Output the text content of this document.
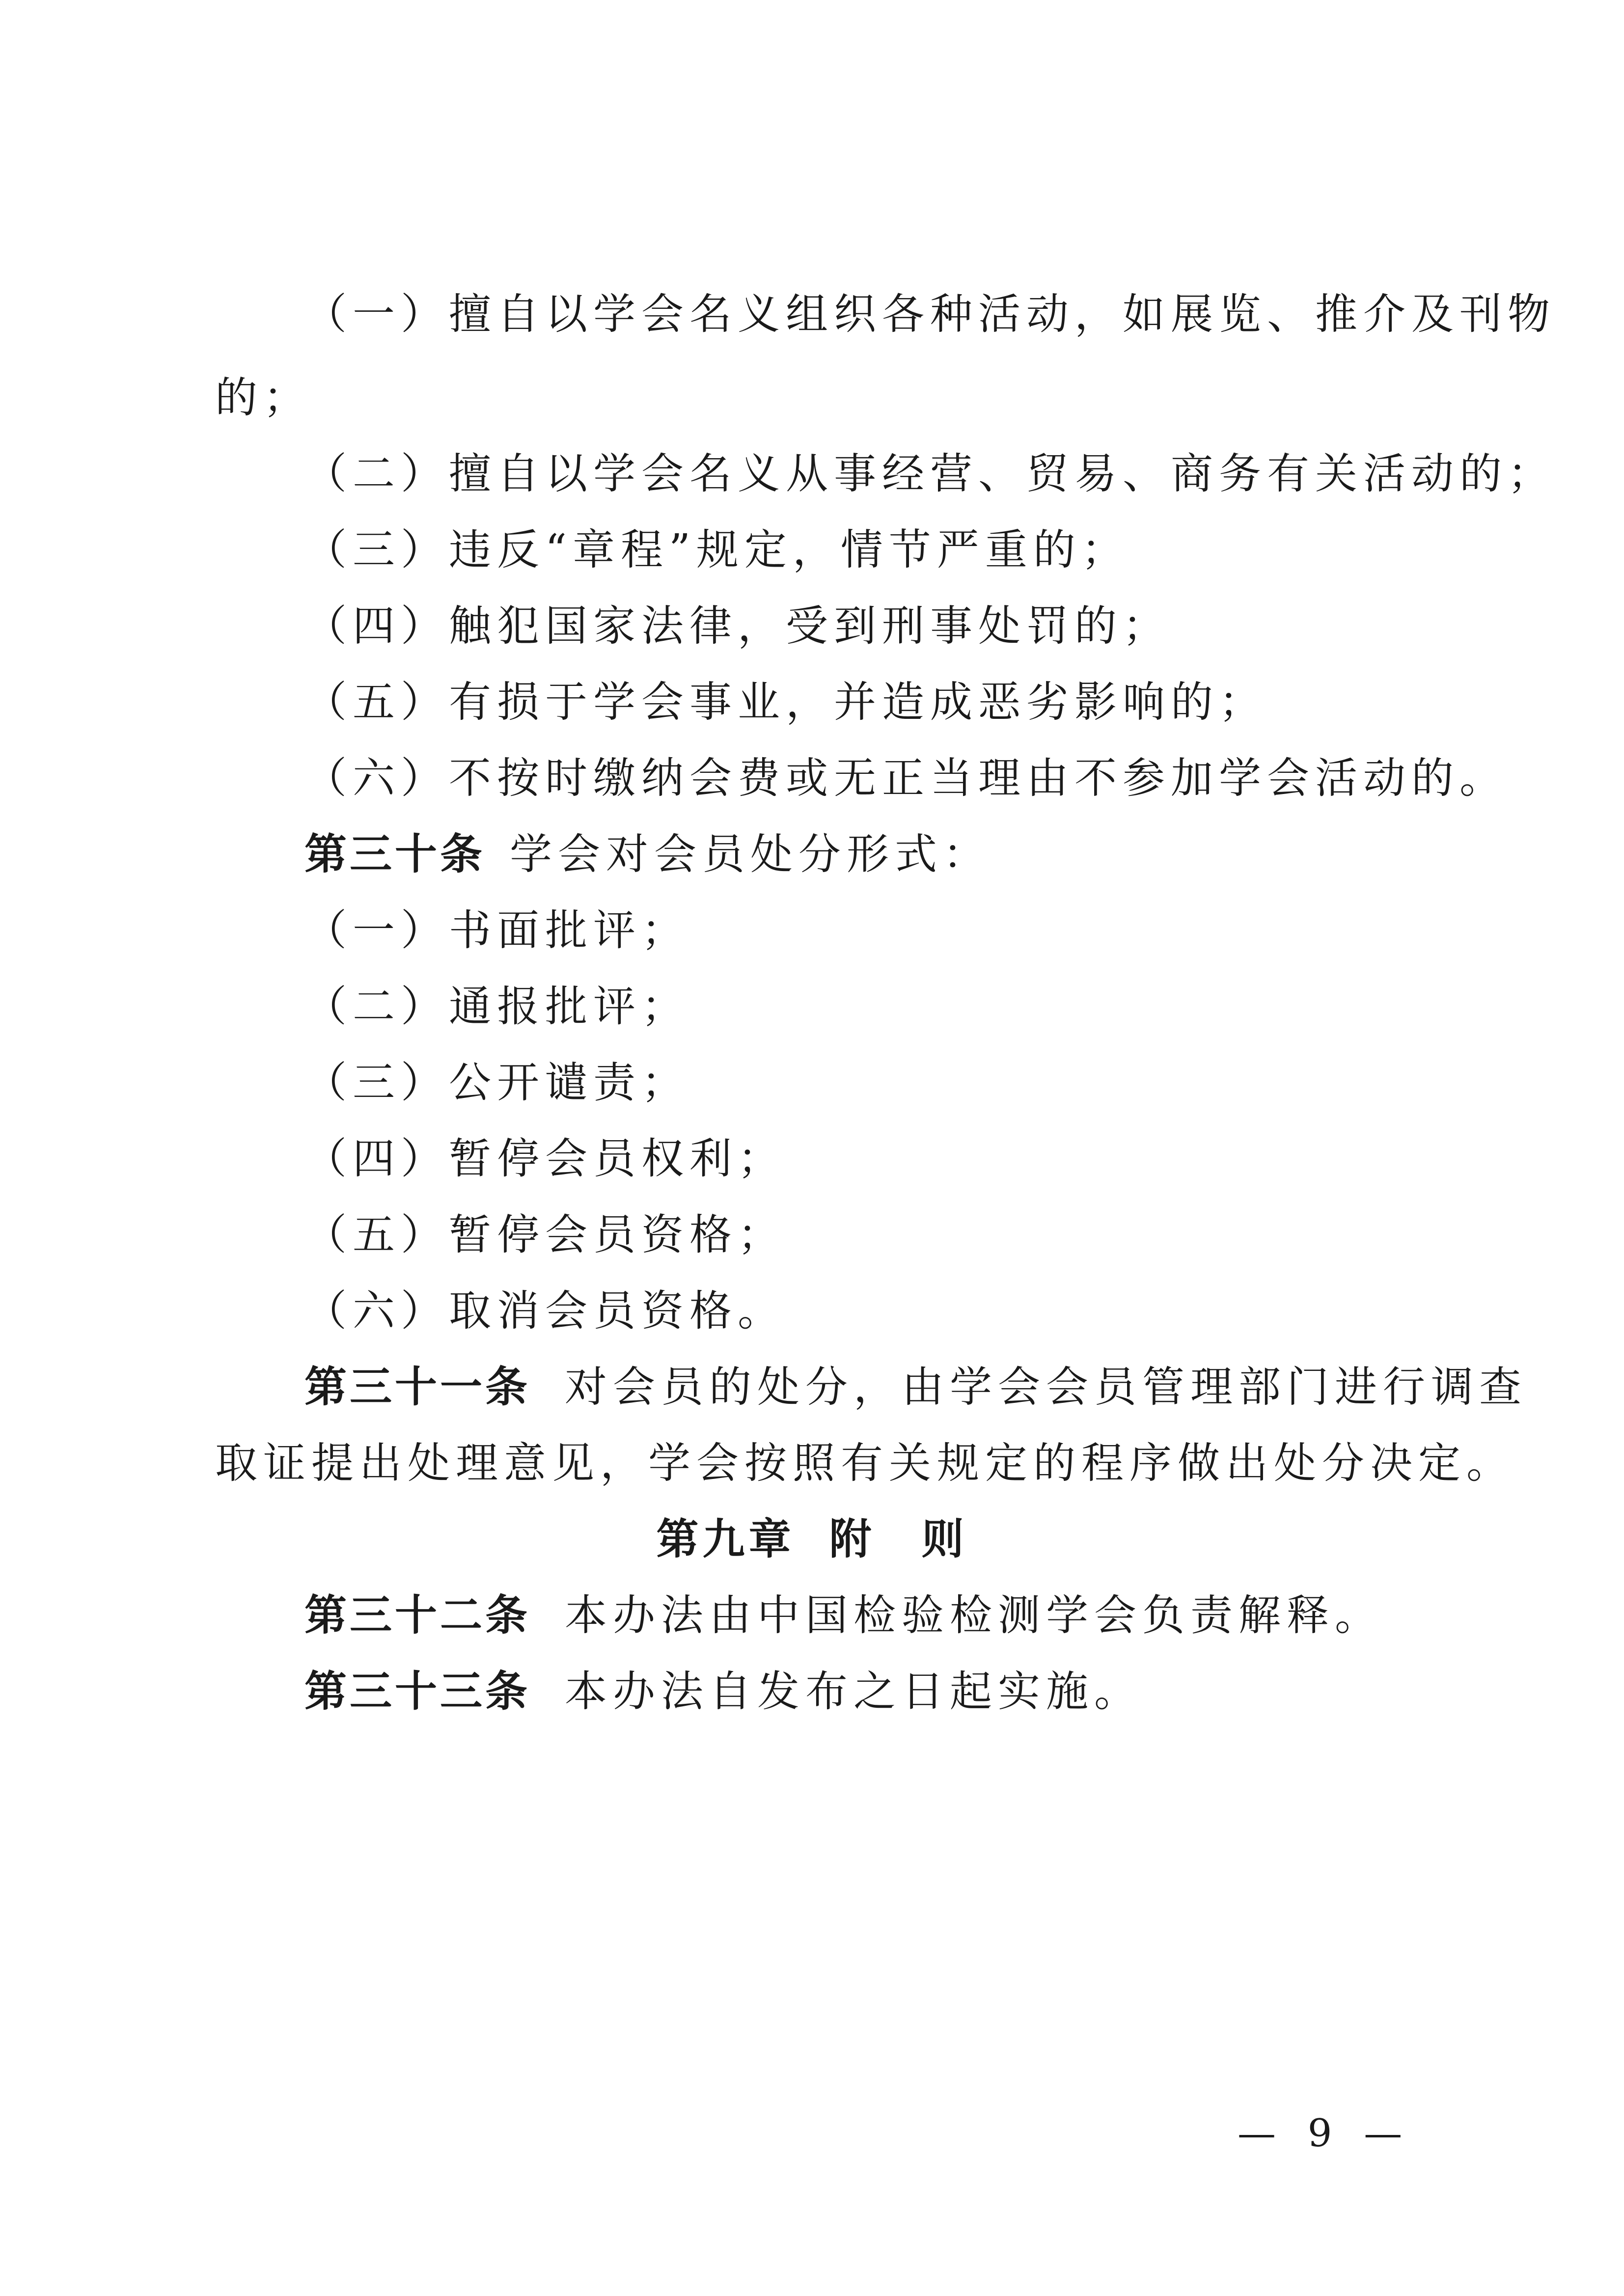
（一）擅自以学会名义组织各种活动，如展览、推介及刊物
的；
（二）擅自以学会名义从事经营、贸易、商务有关活动的；
（三）违反“章程”规定，情节严重的；
（四）触犯国家法律，受到刑事处罚的；
（五）有损于学会事业，并造成恶劣影响的；
（六）不按时缴纳会费或无正当理由不参加学会活动的。
第三十条 学会对会员处分形式：
（一）书面批评；
（二）通报批评；
（三）公开谴责；
（四）暂停会员权利；
（五）暂停会员资格；
（六）取消会员资格。
第三十一条 对会员的处分，由学会会员管理部门进行调查
取证提出处理意见，学会按照有关规定的程序做出处分决定。
第九章 附　则
第三十二条 本办法由中国检验检测学会负责解释。
第三十三条 本办法自发布之日起实施。
— 9 —
